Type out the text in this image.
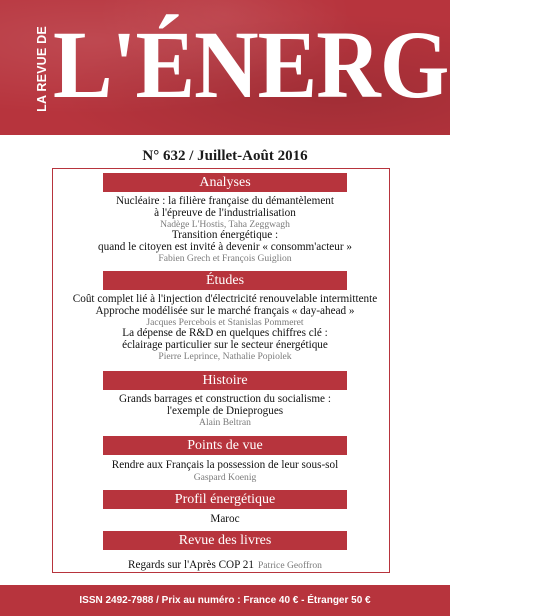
LA REVUE DE L'ÉNERGIE
N° 632 / Juillet-Août 2016
Analyses
Nucléaire : la filière française du démantèlement
à l'épreuve de l'industrialisation
Nadège L'Hostis, Taha Zeggwagh
Transition énergétique :
quand le citoyen est invité à devenir « consomm'acteur »
Fabien Grech et François Guiglion
Études
Coût complet lié à l'injection d'électricité renouvelable intermittente
Approche modélisée sur le marché français « day-ahead »
Jacques Percebois et Stanislas Pommeret
La dépense de R&D en quelques chiffres clé :
éclairage particulier sur le secteur énergétique
Pierre Leprince, Nathalie Popiolek
Histoire
Grands barrages et construction du socialisme :
l'exemple de Dnieprogues
Alain Beltran
Points de vue
Rendre aux Français la possession de leur sous-sol
Gaspard Koenig
Profil énergétique
Maroc
Revue des livres
Regards sur l'Après COP 21 Patrice Geoffron
ISSN 2492-7988 / Prix au numéro : France 40 € - Étranger 50 €
